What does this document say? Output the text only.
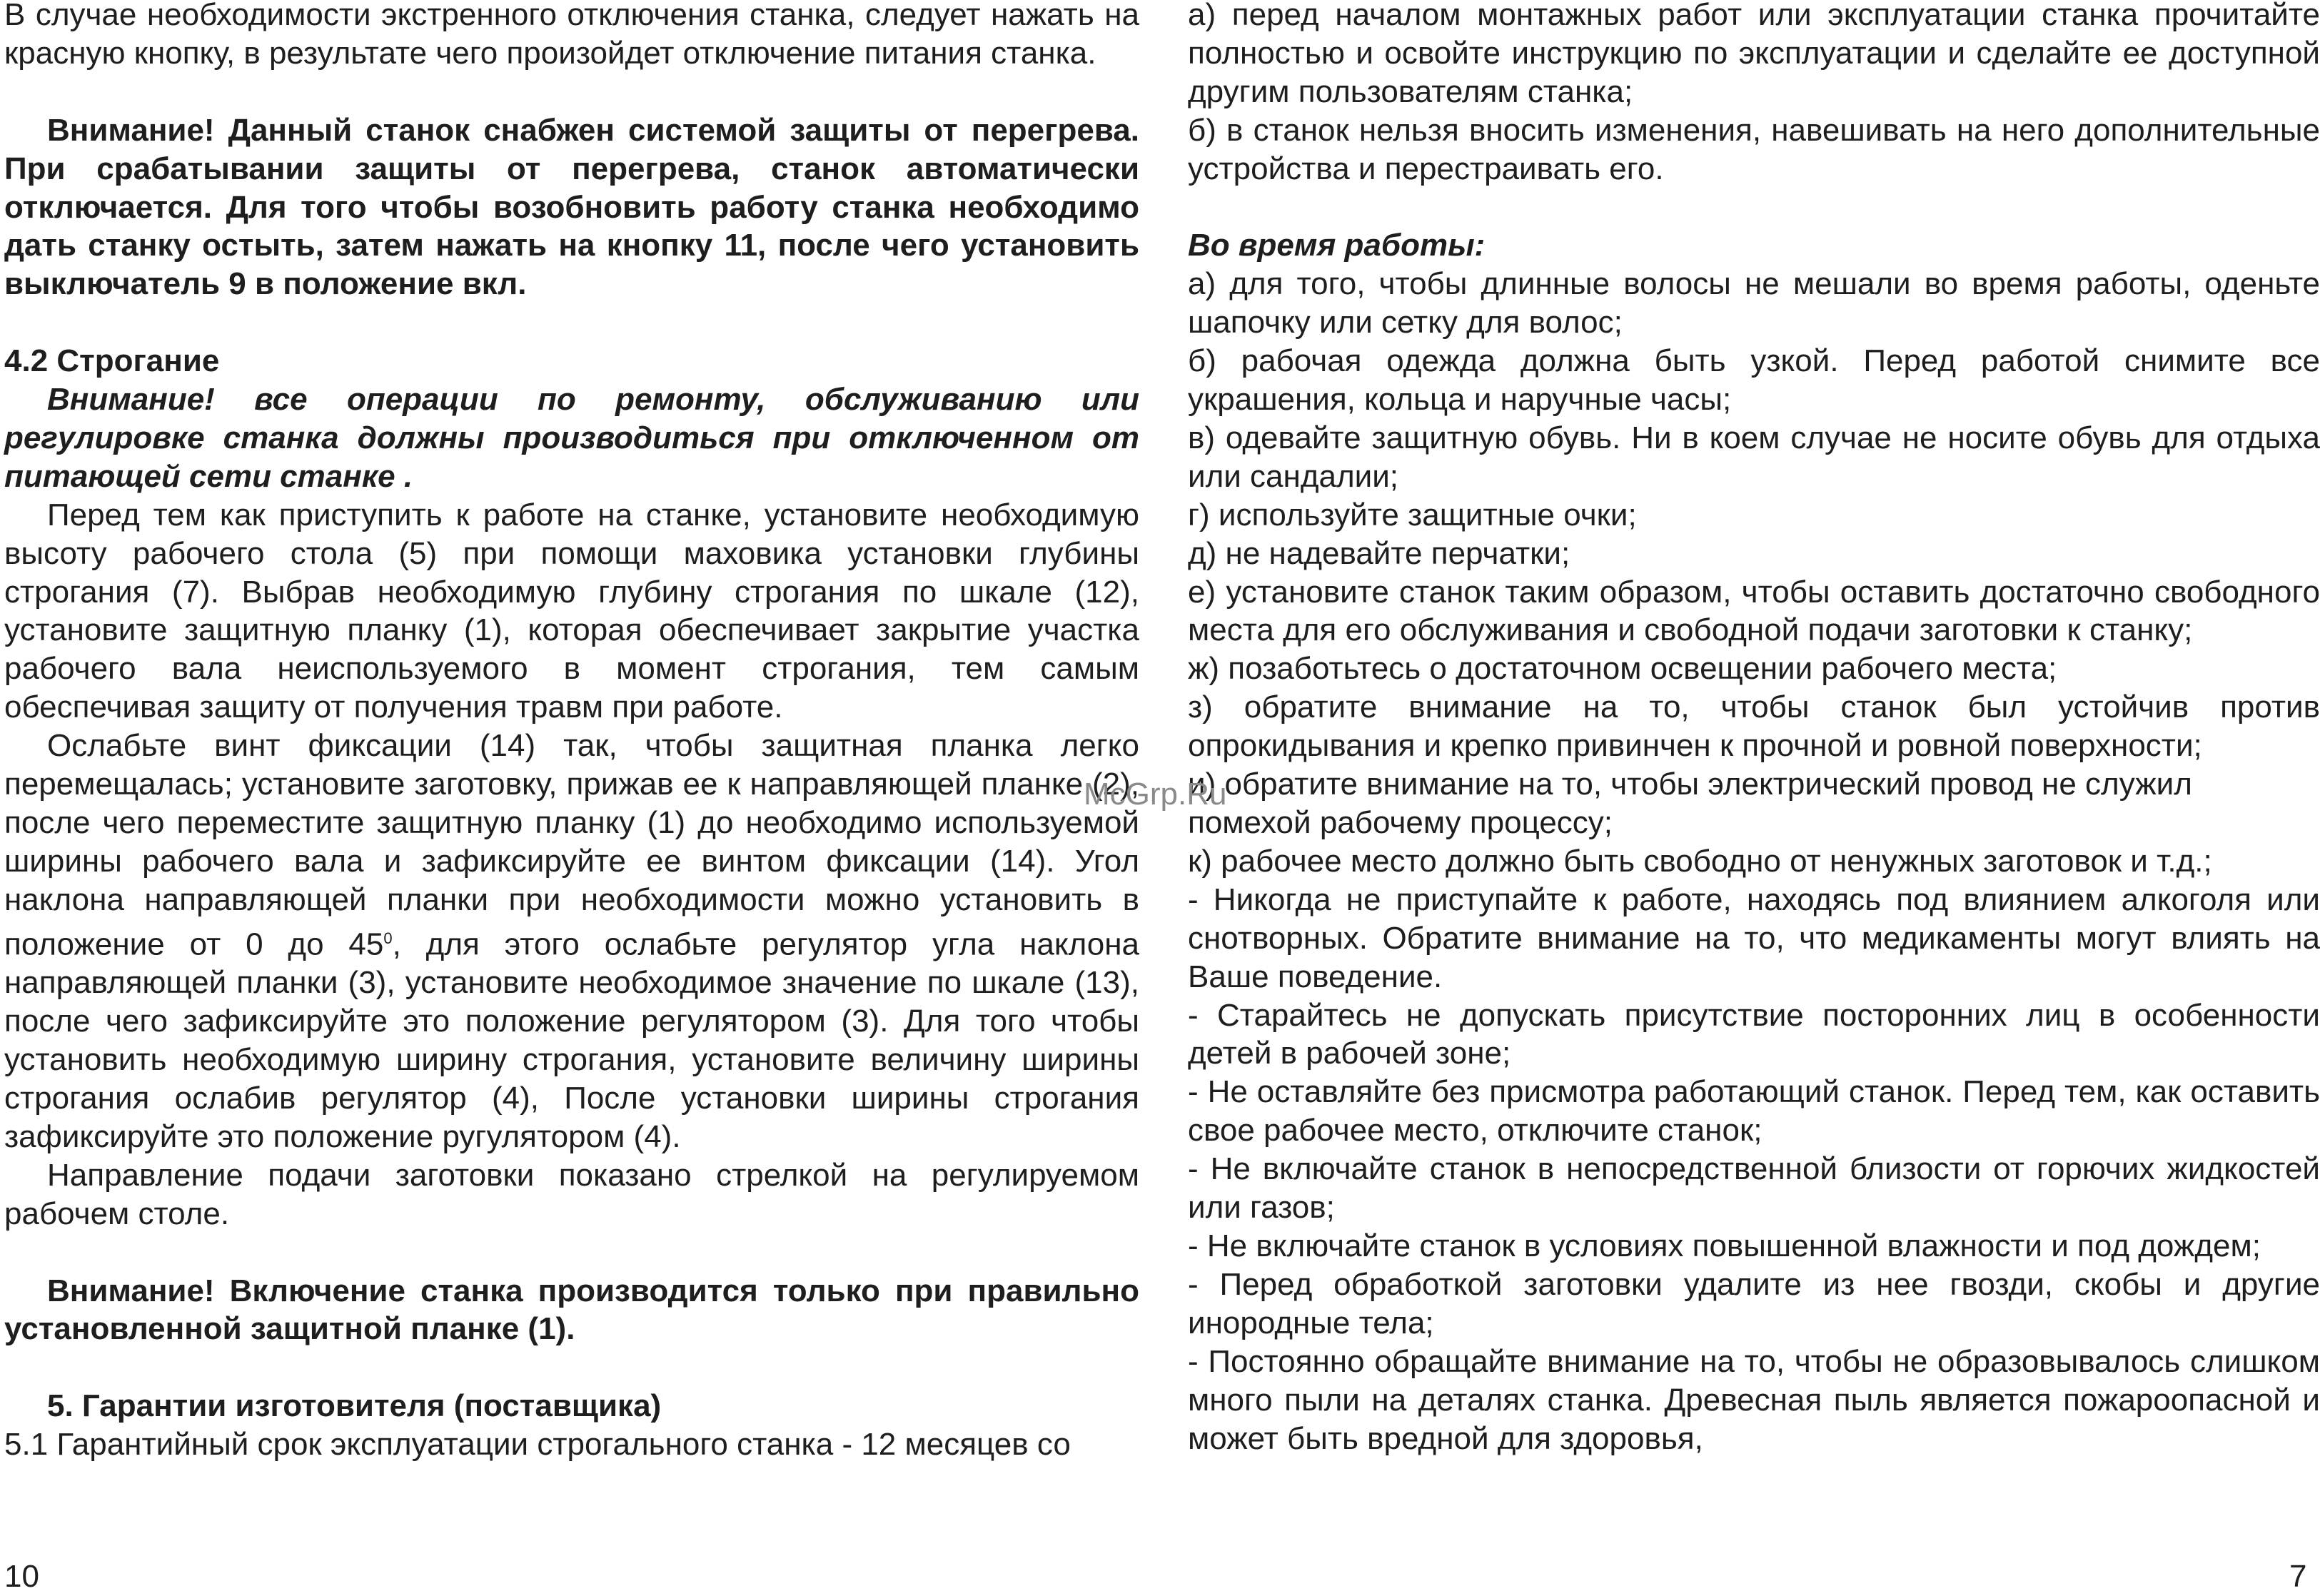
В случае необходимости экстренного отключения станка, следует нажать на красную кнопку, в результате чего произойдет отключение питания станка.

Внимание! Данный станок снабжен системой защиты от перегрева. При срабатывании защиты от перегрева, станок автоматически отключается. Для того чтобы возобновить работу станка необходимо дать станку остыть, затем нажать на кнопку 11, после чего установить выключатель 9 в положение вкл.

4.2 Строгание

Внимание! все операции по ремонту, обслуживанию или регулировке станка должны производиться при отключенном от питающей сети станке .

Перед тем как приступить к работе на станке, установите необходимую высоту рабочего стола (5) при помощи маховика установки глубины строгания (7). Выбрав необходимую глубину строгания по шкале (12), установите защитную планку (1), которая обеспечивает закрытие участка рабочего вала неиспользуемого в момент строгания, тем самым обеспечивая защиту от получения травм при работе.

Ослабьте винт фиксации (14) так, чтобы защитная планка легко перемещалась; установите заготовку, прижав ее к направляющей планке (2), после чего переместите защитную планку (1) до необходимо используемой ширины рабочего вала и зафиксируйте ее винтом фиксации (14). Угол наклона направляющей планки при необходимости можно установить в положение от 0 до $45^0$, для этого ослабьте регулятор угла наклона направляющей планки (3), установите необходимое значение по шкале (13), после чего зафиксируйте это положение регулятором (3). Для того чтобы установить необходимую ширину строгания, установите величину ширины строгания ослабив регулятор (4), После установки ширины строгания зафиксируйте это положение ругулятором (4).

Направление подачи заготовки показано стрелкой на регулируемом рабочем столе.

Внимание! Включение станка производится только при правильно установленной защитной планке (1).

5. Гарантии изготовителя (поставщика)

5.1 Гарантийный срок эксплуатации строгального станка - 12 месяцев со

а) перед началом монтажных работ или эксплуатации станка прочитайте полностью и освойте инструкцию по эксплуатации и сделайте ее доступной другим пользователям станка;

б) в станок нельзя вносить изменения, навешивать на него дополнительные устройства и перестраивать его.

Во время работы:

а) для того, чтобы длинные волосы не мешали во время работы, оденьте шапочку или сетку для волос;

б) рабочая одежда должна быть узкой. Перед работой снимите все украшения, кольца и наручные часы;

в) одевайте защитную обувь. Ни в коем случае не носите обувь для отдыха или сандалии;

г) используйте защитные очки;

д) не надевайте перчатки;

е) установите станок таким образом, чтобы оставить достаточно свободного места для его обслуживания и свободной подачи заготовки к станку;

ж) позаботьтесь о достаточном освещении рабочего места;

з) обратите внимание на то, чтобы станок был устойчив против опрокидывания и крепко привинчен к прочной и ровной поверхности;

и) обратите внимание на то, чтобы электрический провод не служил помехой рабочему процессу;

к) рабочее место должно быть свободно от ненужных заготовок и т.д.;

- Никогда не приступайте к работе, находясь под влиянием алкоголя или снотворных. Обратите внимание на то, что медикаменты могут влиять на Ваше поведение.

- Старайтесь не допускать присутствие посторонних лиц в особенности детей в рабочей зоне;

- Не оставляйте без присмотра работающий станок. Перед тем, как оставить свое рабочее место, отключите станок;

- Не включайте станок в непосредственной близости от горючих жидкостей или газов;

- Не включайте станок в условиях повышенной влажности и под дождем;

- Перед обработкой заготовки удалите из нее гвозди, скобы и другие инородные тела;

- Постоянно обращайте внимание на то, чтобы не образовывалось слишком много пыли на деталях станка. Древесная пыль является пожароопасной и может быть вредной для здоровья,

10	7
McGrp.Ru
